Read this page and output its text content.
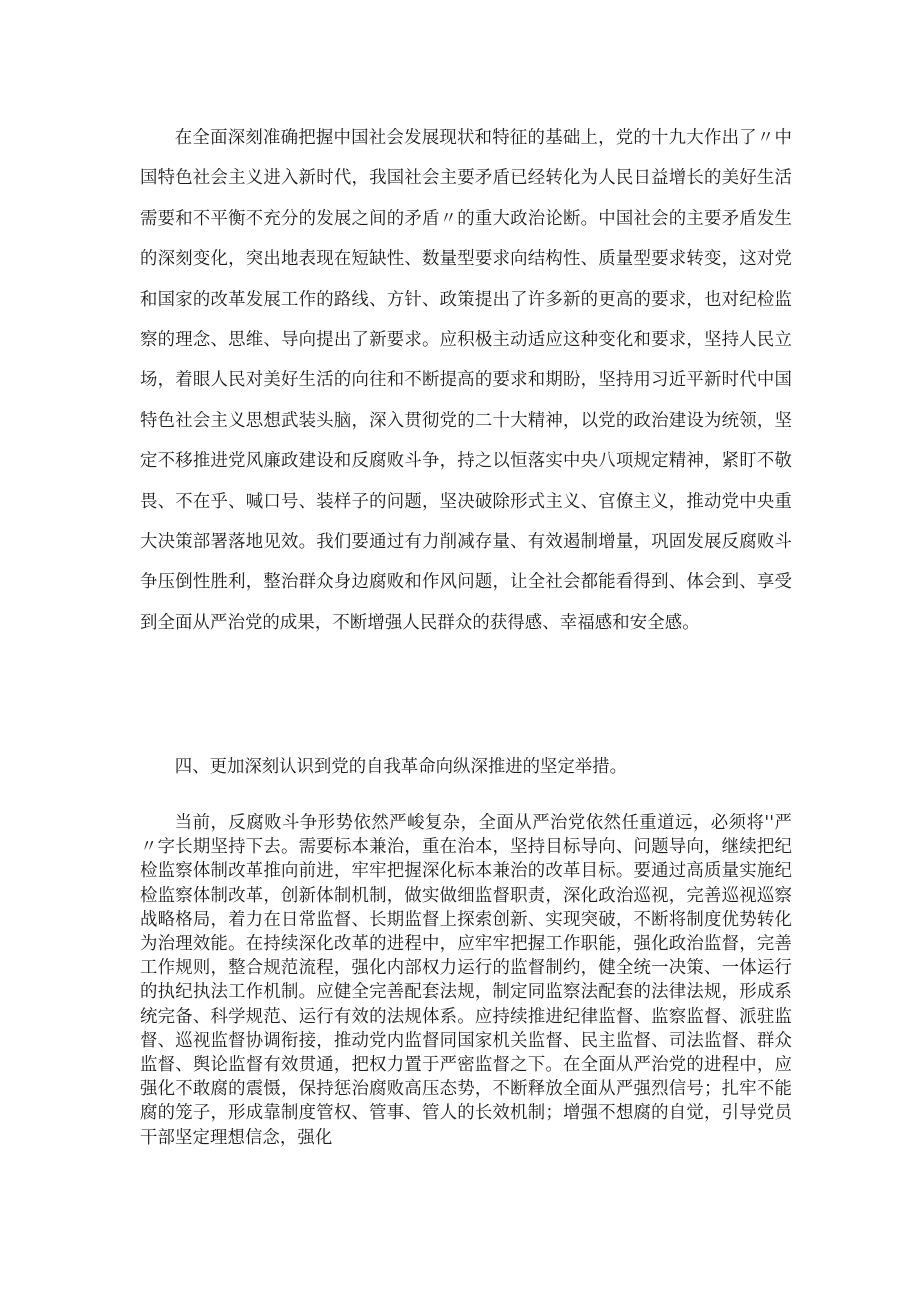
在全面深刻准确把握中国社会发展现状和特征的基础上，党的十九大作出了〃中国特色社会主义进入新时代，我国社会主要矛盾已经转化为人民日益增长的美好生活需要和不平衡不充分的发展之间的矛盾〃的重大政治论断。中国社会的主要矛盾发生的深刻变化，突出地表现在短缺性、数量型要求向结构性、质量型要求转变，这对党和国家的改革发展工作的路线、方针、政策提出了许多新的更高的要求，也对纪检监察的理念、思维、导向提出了新要求。应积极主动适应这种变化和要求，坚持人民立场，着眼人民对美好生活的向往和不断提高的要求和期盼，坚持用习近平新时代中国特色社会主义思想武装头脑，深入贯彻党的二十大精神，以党的政治建设为统领，坚定不移推进党风廉政建设和反腐败斗争，持之以恒落实中央八项规定精神，紧盯不敬畏、不在乎、喊口号、装样子的问题，坚决破除形式主义、官僚主义，推动党中央重大决策部署落地见效。我们要通过有力削减存量、有效遏制增量，巩固发展反腐败斗争压倒性胜利，整治群众身边腐败和作风问题，让全社会都能看得到、体会到、享受到全面从严治党的成果，不断增强人民群众的获得感、幸福感和安全感。

四、更加深刻认识到党的自我革命向纵深推进的坚定举措。

当前，反腐败斗争形势依然严峻复杂，全面从严治党依然任重道远，必须将''严〃字长期坚持下去。需要标本兼治，重在治本，坚持目标导向、问题导向，继续把纪检监察体制改革推向前进，牢牢把握深化标本兼治的改革目标。要通过高质量实施纪检监察体制改革，创新体制机制，做实做细监督职责，深化政治巡视，完善巡视巡察战略格局，着力在日常监督、长期监督上探索创新、实现突破，不断将制度优势转化为治理效能。在持续深化改革的进程中，应牢牢把握工作职能，强化政治监督，完善工作规则，整合规范流程，强化内部权力运行的监督制约，健全统一决策、一体运行的执纪执法工作机制。应健全完善配套法规，制定同监察法配套的法律法规，形成系统完备、科学规范、运行有效的法规体系。应持续推进纪律监督、监察监督、派驻监督、巡视监督协调衔接，推动党内监督同国家机关监督、民主监督、司法监督、群众监督、舆论监督有效贯通，把权力置于严密监督之下。在全面从严治党的进程中，应强化不敢腐的震慑，保持惩治腐败高压态势，不断释放全面从严强烈信号；扎牢不能腐的笼子，形成靠制度管权、管事、管人的长效机制；增强不想腐的自觉，引导党员干部坚定理想信念，强化
